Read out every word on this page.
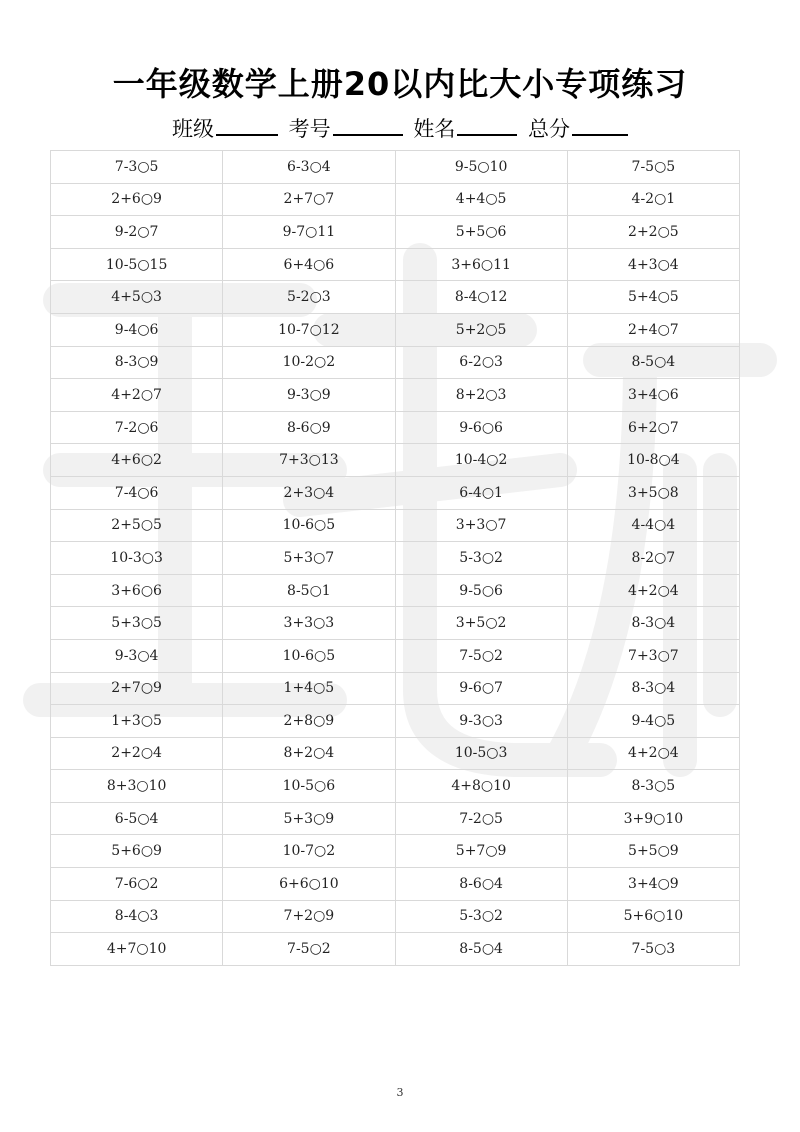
一年级数学上册20以内比大小专项练习
班级	考号	姓名	总分
7-3○5	6-3○4	9-5○10	7-5○5
2+6○9	2+7○7	4+4○5	4-2○1
9-2○7	9-7○11	5+5○6	2+2○5
10-5○15	6+4○6	3+6○11	4+3○4
4+5○3	5-2○3	8-4○12	5+4○5
9-4○6	10-7○12	5+2○5	2+4○7
8-3○9	10-2○2	6-2○3	8-5○4
4+2○7	9-3○9	8+2○3	3+4○6
7-2○6	8-6○9	9-6○6	6+2○7
4+6○2	7+3○13	10-4○2	10-8○4
7-4○6	2+3○4	6-4○1	3+5○8
2+5○5	10-6○5	3+3○7	4-4○4
10-3○3	5+3○7	5-3○2	8-2○7
3+6○6	8-5○1	9-5○6	4+2○4
5+3○5	3+3○3	3+5○2	8-3○4
9-3○4	10-6○5	7-5○2	7+3○7
2+7○9	1+4○5	9-6○7	8-3○4
1+3○5	2+8○9	9-3○3	9-4○5
2+2○4	8+2○4	10-5○3	4+2○4
8+3○10	10-5○6	4+8○10	8-3○5
6-5○4	5+3○9	7-2○5	3+9○10
5+6○9	10-7○2	5+7○9	5+5○9
7-6○2	6+6○10	8-6○4	3+4○9
8-4○3	7+2○9	5-3○2	5+6○10
4+7○10	7-5○2	8-5○4	7-5○3
3
